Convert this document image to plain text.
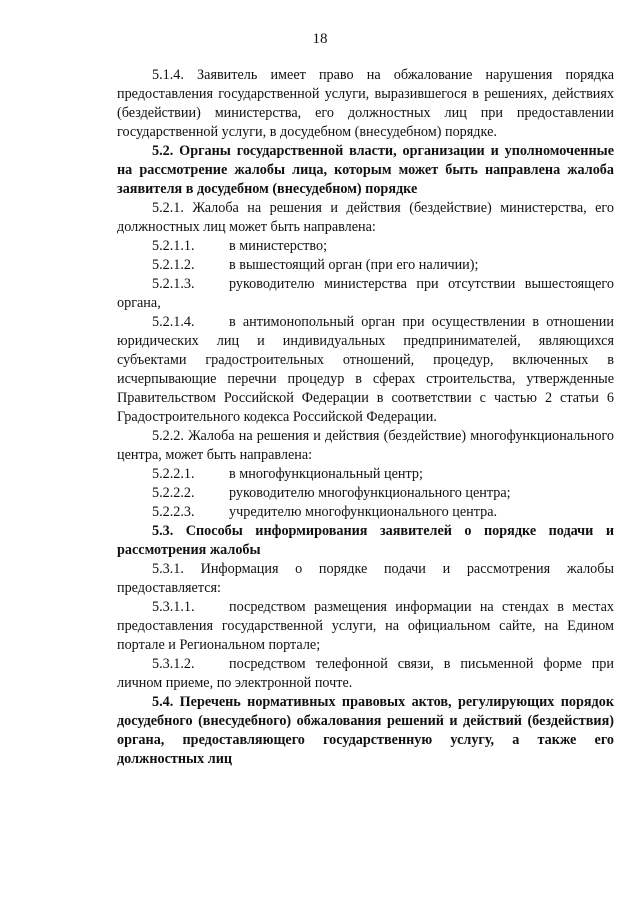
18

5.1.4. Заявитель имеет право на обжалование нарушения порядка предоставления государственной услуги, выразившегося в решениях, действиях (бездействии) министерства, его должностных лиц при предоставлении государственной услуги, в досудебном (внесудебном) порядке.

5.2. Органы государственной власти, организации и уполномоченные на рассмотрение жалобы лица, которым может быть направлена жалоба заявителя в досудебном (внесудебном) порядке

5.2.1. Жалоба на решения и действия (бездействие) министерства, его должностных лиц может быть направлена:

5.2.1.1.	в министерство;
5.2.1.2.	в вышестоящий орган (при его наличии);
5.2.1.3.	руководителю министерства при отсутствии вышестоящего органа,
5.2.1.4.	в антимонопольный орган при осуществлении в отношении юридических лиц и индивидуальных предпринимателей, являющихся субъектами градостроительных отношений, процедур, включенных в исчерпывающие перечни процедур в сферах строительства, утвержденные Правительством Российской Федерации в соответствии с частью 2 статьи 6 Градостроительного кодекса Российской Федерации.

5.2.2. Жалоба на решения и действия (бездействие) многофункционального центра, может быть направлена:

5.2.2.1.	в многофункциональный центр;
5.2.2.2.	руководителю многофункционального центра;
5.2.2.3.	учредителю многофункционального центра.

5.3. Способы информирования заявителей о порядке подачи и рассмотрения жалобы

5.3.1. Информация о порядке подачи и рассмотрения жалобы предоставляется:

5.3.1.1.	посредством размещения информации на стендах в местах предоставления государственной услуги, на официальном сайте, на Едином портале и Региональном портале;
5.3.1.2.	посредством телефонной связи, в письменной форме при личном приеме, по электронной почте.

5.4. Перечень нормативных правовых актов, регулирующих порядок досудебного (внесудебного) обжалования решений и действий (бездействия) органа, предоставляющего государственную услугу, а также его должностных лиц
